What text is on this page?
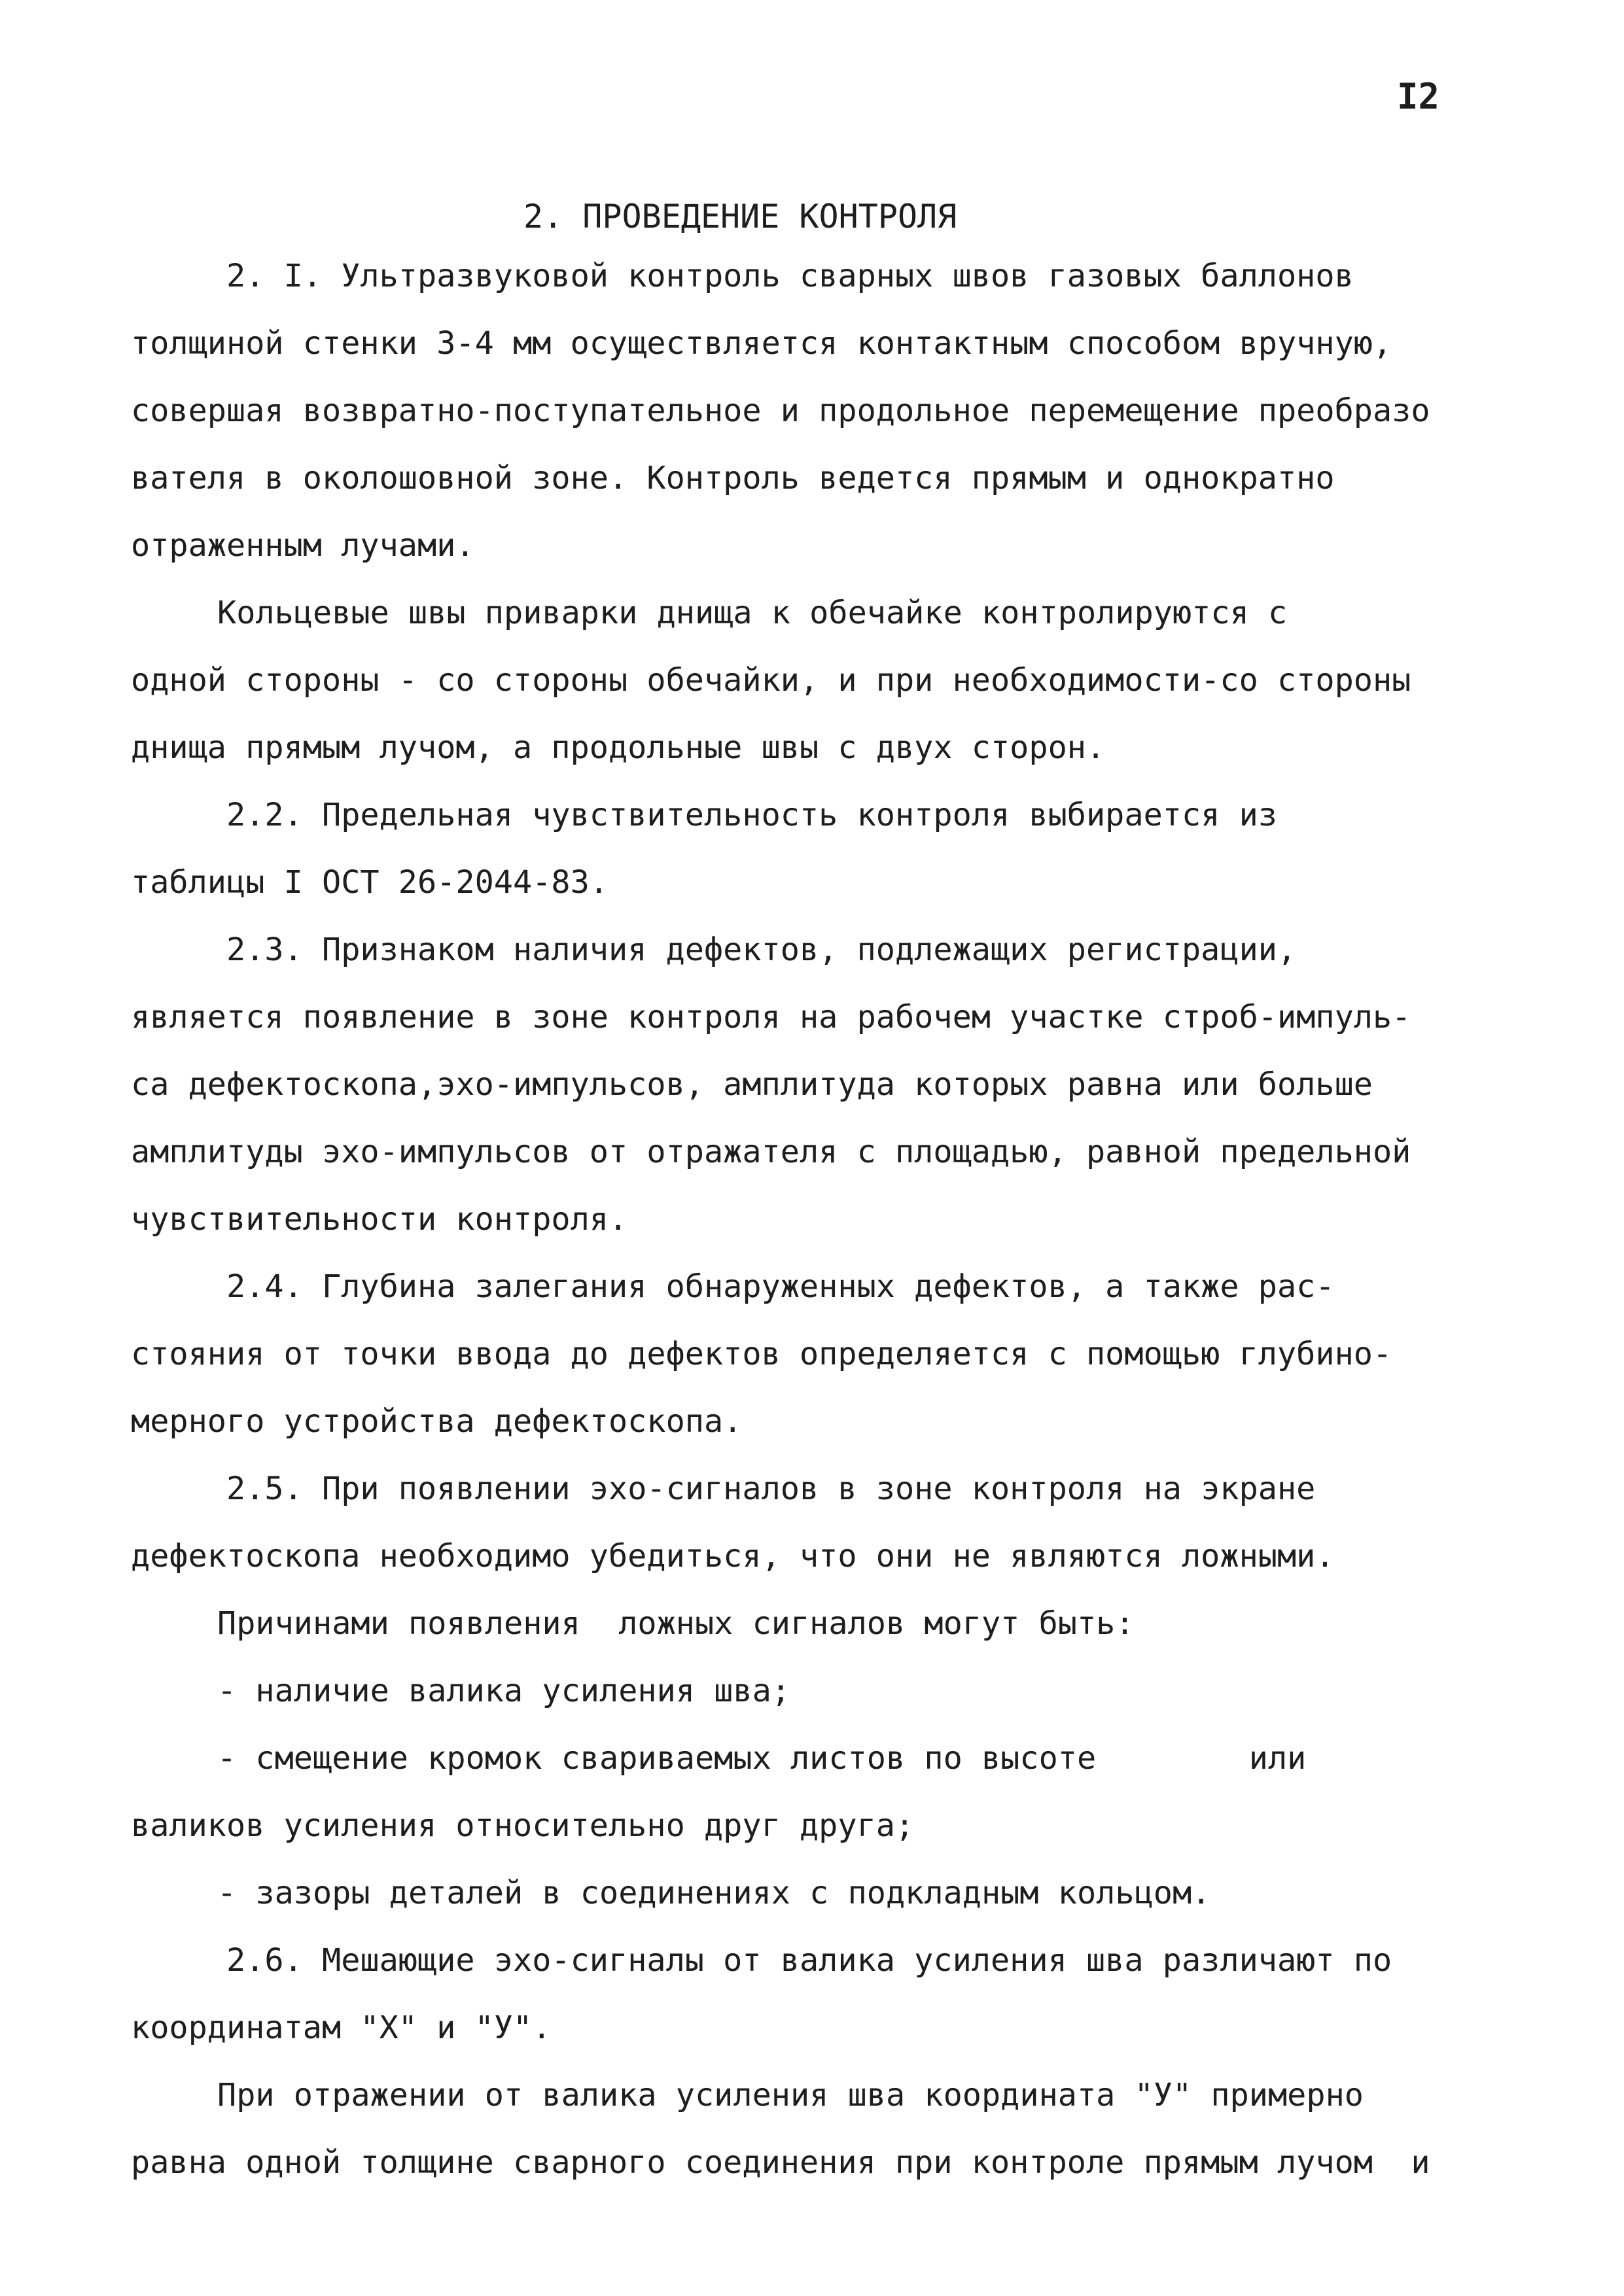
I2

2. ПРОВЕДЕНИЕ КОНТРОЛЯ

2. I. Ультразвуковой контроль сварных швов газовых баллонов

толщиной стенки 3-4 мм осуществляется контактным способом вручную,

совершая возвратно-поступательное и продольное перемещение преобразо

вателя в околошовной зоне. Контроль ведется прямым и однократно

отраженным лучами.

Кольцевые швы приварки днища к обечайке контролируются с

одной стороны - со стороны обечайки, и при необходимости-со стороны

днища прямым лучом, а продольные швы с двух сторон.

2.2. Предельная чувствительность контроля выбирается из

таблицы I ОСТ 26-2044-83.

2.3. Признаком наличия дефектов, подлежащих регистрации,

является появление в зоне контроля на рабочем участке строб-импуль-

са дефектоскопа,эхо-импульсов, амплитуда которых равна или больше

амплитуды эхо-импульсов от отражателя с площадью, равной предельной

чувствительности контроля.

2.4. Глубина залегания обнаруженных дефектов, а также рас-

стояния от точки ввода до дефектов определяется с помощью глубино-

мерного устройства дефектоскопа.

2.5. При появлении эхо-сигналов в зоне контроля на экране

дефектоскопа необходимо убедиться, что они не являются ложными.

Причинами появления  ложных сигналов могут быть:

- наличие валика усиления шва;

- смещение кромок свариваемых листов по высоте        или

валиков усиления относительно друг друга;

- зазоры деталей в соединениях с подкладным кольцом.

2.6. Мешающие эхо-сигналы от валика усиления шва различают по

координатам "Х" и "У".

При отражении от валика усиления шва координата "У" примерно

равна одной толщине сварного соединения при контроле прямым лучом  и
